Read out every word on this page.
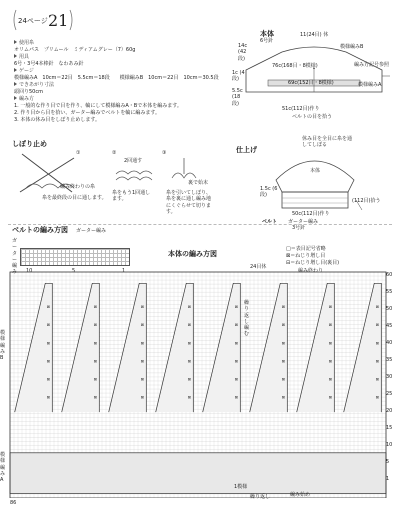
24ページ 21
使用糸
オリムパス　プリムール　ミディアムグレー（7）60g
用具
6号・3号4本棒針　なわあみ針
ゲージ
模様編みA　10cm＝22目　5.5cm＝18段　　模様編みB　10cm＝22目　10cm＝30.5段
できあがり寸法
頭回り50cm
編み方
1. 一般的な作り目で目を作り、輪にして模様編みA・Bで本体を編みます。
2. 作り目から目を拾い、ガーター編みでベルトを輪に編みます。
3. 本体の休み目をしぼり止めします。
本体
6号針
11(24目) 休
14c (42段)
模様編みB
編み方記号参照
76c(168目・8模様)
1c (4段)
69c(152目・8模様)	模様編みA
5.5c (18段)
51c(112目)作り
ベルトの目を拾う
しぼり止め
①	②	③
2回通す
編み終わりの糸
糸を最終段の目に通します。
糸をもう1回通します。
糸を引いてしぼり、糸を裏に通し編み地にくぐらせて切ります。
裏で始末
仕上げ
休み目を全目に糸を通してしぼる
本体
1.5c (6段)
(112目)拾う
50c(112目)作り
ベルト ガーター編み
3号針
ベルトの編み方図 ガーター編み
ガーター編み 10	5	1
本体の編み方図
24目休
□＝表目記号省略
⊠＝ねじり増し目
⊟＝ねじり増し目(裏目)
編み終わり
⊠
⊠
⊠
⊠
⊠
⊠
⊠
⊠
⊠
⊠
⊠
⊠
⊠
⊠
⊠
⊠
⊠
⊠
⊠
⊠
⊠
⊠
⊠
⊠
⊠
⊠
⊠
⊠
⊠
⊠
⊠
⊠
⊠
⊠
⊠
⊠
⊠
⊠
⊠
⊠
⊠
⊠
⊠
⊠
⊠
⊠
⊠
⊠
模様編みB
模様編みA
繰り返し編む
1模様
編み始め
繰り返し
60
55
50
45
40
35
30
25
20
15
10
5
1
86
